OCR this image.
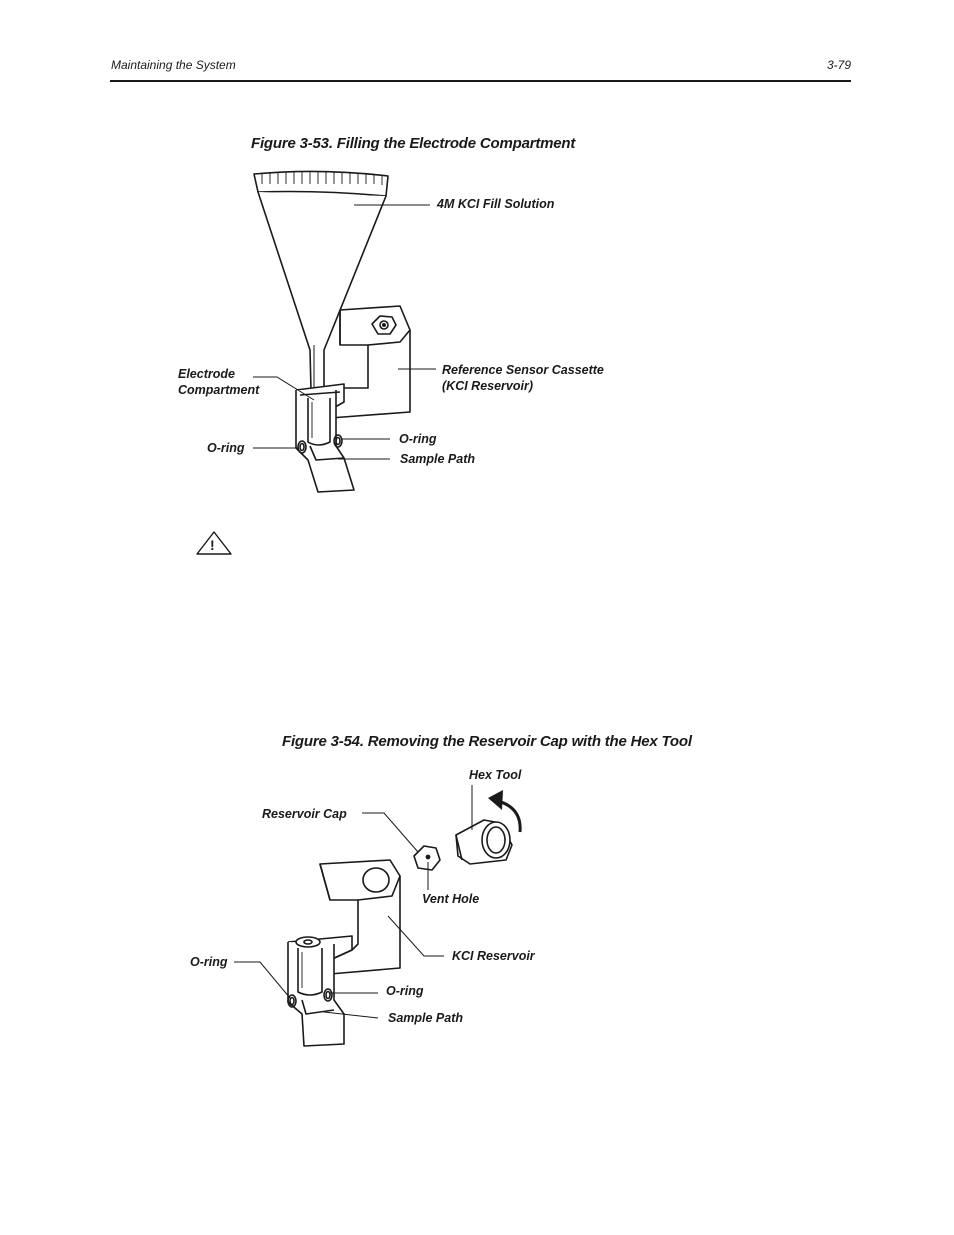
Maintaining the System	3-79
Figure 3-53. Filling the Electrode Compartment
!
4M KCI Fill Solution
Electrode
Compartment
Reference Sensor Cassette
(KCI Reservoir)
O-ring
O-ring
Sample Path
Figure 3-54. Removing the Reservoir Cap with the Hex Tool
Hex Tool
Reservoir Cap
Vent Hole
KCI Reservoir
O-ring
O-ring
Sample Path
